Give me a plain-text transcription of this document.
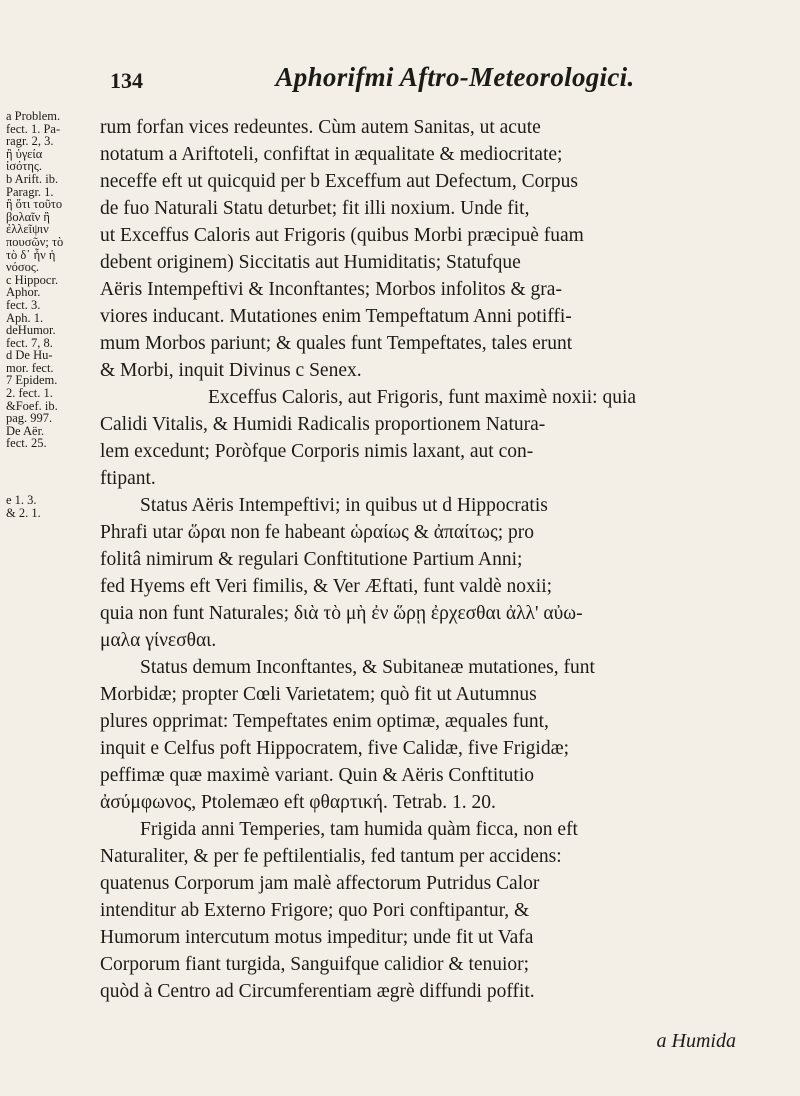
134	Aphorifmi Aftro-Meteorologici.
a Problem.
fect. 1. Pa-
ragr. 2, 3.
ἢ ὑγεία
ἰσότης.
b Arift. ib.
Paragr. 1.
ἢ ὅτι τοῦτο
βολαῖν ἢ
ἐλλεῖψιν
πουσῶν; τὸ
τὸ δ᾽ ἦν ἡ
νόσος.
c Hippocr.
Aphor.
fect. 3.
Aph. 1.
deHumor.
fect. 7, 8.
d De Hu-
mor. fect.
7 Epidem.
2. fect. 1.
&Foef. ib.
pag. 997.
De Aër.
fect. 25.
e 1. 3.
& 2. 1.
rum forfan vices redeuntes. Cùm autem Sanitas, ut acute
notatum a Ariftoteli, confiftat in æqualitate & mediocritate;
neceffe eft ut quicquid per b Exceffum aut Defectum, Corpus
de fuo Naturali Statu deturbet; fit illi noxium. Unde fit,
ut Exceffus Caloris aut Frigoris (quibus Morbi præcipuè fuam
debent originem) Siccitatis aut Humiditatis; Statufque
Aëris Intempeftivi & Inconftantes; Morbos infolitos & gra-
viores inducant. Mutationes enim Tempeftatum Anni potiffi-
mum Morbos pariunt; & quales funt Tempeftates, tales erunt
& Morbi, inquit Divinus c Senex.
Exceffus Caloris, aut Frigoris, funt maximè noxii: quia
Calidi Vitalis, & Humidi Radicalis proportionem Natura-
lem excedunt; Poròfque Corporis nimis laxant, aut con-
ftipant.
Status Aëris Intempeftivi; in quibus ut d Hippocratis
Phrafi utar ὥραι non fe habeant ὡραίως & ἀπαίτως; pro
folitâ nimirum & regulari Conftitutione Partium Anni;
fed Hyems eft Veri fimilis, & Ver Æftati, funt valdè noxii;
quia non funt Naturales; διὰ τὸ μὴ ἐν ὥρῃ ἐρχεσθαι ἀλλ' αὐω-
μαλα γίνεσθαι.
Status demum Inconftantes, & Subitaneæ mutationes, funt
Morbidæ; propter Cœli Varietatem; quò fit ut Autumnus
plures opprimat: Tempeftates enim optimæ, æquales funt,
inquit e Celfus poft Hippocratem, five Calidæ, five Frigidæ;
peffimæ quæ maximè variant. Quin & Aëris Conftitutio
ἀσύμφωνος, Ptolemæo eft φθαρτική. Tetrab. 1. 20.
Frigida anni Temperies, tam humida quàm ficca, non eft
Naturaliter, & per fe peftilentialis, fed tantum per accidens:
quatenus Corporum jam malè affectorum Putridus Calor
intenditur ab Externo Frigore; quo Pori conftipantur, &
Humorum intercutum motus impeditur; unde fit ut Vafa
Corporum fiant turgida, Sanguifque calidior & tenuior;
quòd à Centro ad Circumferentiam ægrè diffundi poffit.
a Humida
